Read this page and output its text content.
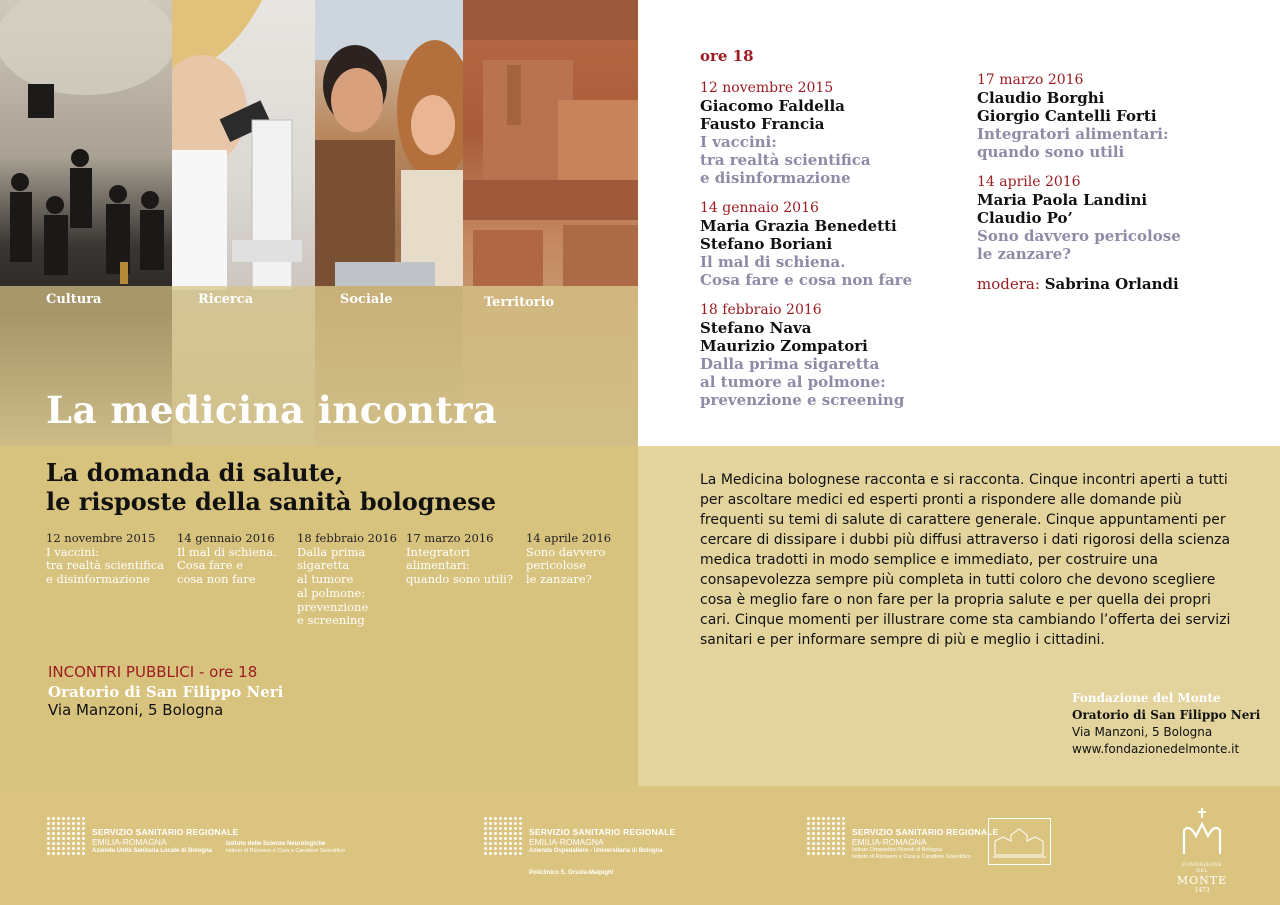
Cultura	Ricerca	Sociale	Territorio
La medicina incontra
ore 18
12 novembre 2015
Giacomo Faldella
Fausto Francia
I vaccini:
tra realtà scientifica
e disinformazione
14 gennaio 2016
Maria Grazia Benedetti
Stefano Boriani
Il mal di schiena.
Cosa fare e cosa non fare
18 febbraio 2016
Stefano Nava
Maurizio Zompatori
Dalla prima sigaretta
al tumore al polmone:
prevenzione e screening
17 marzo 2016
Claudio Borghi
Giorgio Cantelli Forti
Integratori alimentari:
quando sono utili
14 aprile 2016
Maria Paola Landini
Claudio Po’
Sono davvero pericolose
le zanzare?
modera: Sabrina Orlandi
La domanda di salute,
le risposte della sanità bolognese
12 novembre 2015
I vaccini:
tra realtà scientifica
e disinformazione
14 gennaio 2016
Il mal di schiena.
Cosa fare e
cosa non fare
18 febbraio 2016
Dalla prima
sigaretta
al tumore
al polmone:
prevenzione
e screening
17 marzo 2016
Integratori
alimentari:
quando sono utili?
14 aprile 2016
Sono davvero
pericolose
le zanzare?
INCONTRI PUBBLICI - ore 18
Oratorio di San Filippo Neri
Via Manzoni, 5 Bologna
La Medicina bolognese racconta e si racconta. Cinque incontri aperti a tutti per ascoltare medici ed esperti pronti a rispondere alle domande più frequenti su temi di salute di carattere generale. Cinque appuntamenti per cercare di dissipare i dubbi più diffusi attraverso i dati rigorosi della scienza medica tradotti in modo semplice e immediato, per costruire una consapevolezza sempre più completa in tutti coloro che devono scegliere cosa è meglio fare o non fare per la propria salute e per quella dei propri cari. Cinque momenti per illustrare come sta cambiando l’offerta dei servizi sanitari e per informare sempre di più e meglio i cittadini.
Fondazione del Monte
Oratorio di San Filippo Neri
Via Manzoni, 5 Bologna
www.fondazionedelmonte.it
SERVIZIO SANITARIO REGIONALE
EMILIA-ROMAGNA
Azienda Unità Sanitaria Locale di Bologna
Istituto delle Scienze Neurologiche
Istituto di Ricovero e Cura a Carattere Scientifico
SERVIZIO SANITARIO REGIONALE
EMILIA-ROMAGNA
Azienda Ospedaliero - Universitaria di Bologna
Policlinico S. Orsola-Malpighi
SERVIZIO SANITARIO REGIONALE
EMILIA-ROMAGNA
Istituto Ortopedico Rizzoli di Bologna
Istituto di Ricovero e Cura a Carattere Scientifico
FONDAZIONE DEL
MONTE
1473
